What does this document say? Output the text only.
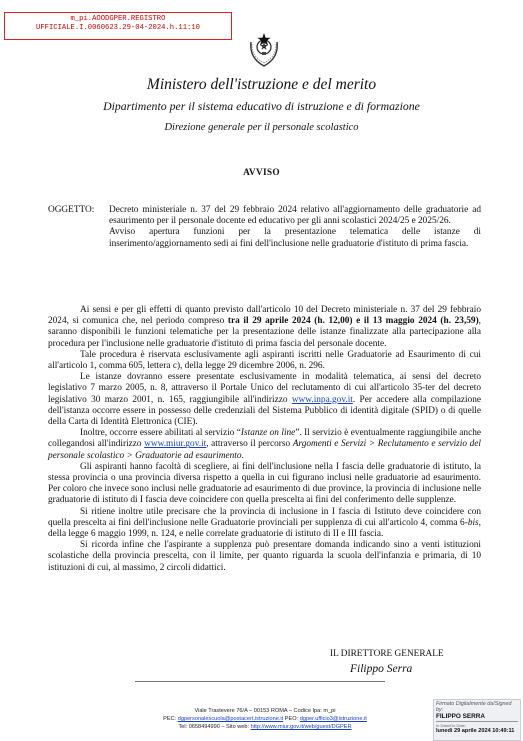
m_pi.AOODGPER.REGISTRO
UFFICIALE.I.0060623.29-04-2024.h.11:10
Ministero dell'istruzione e del merito
Dipartimento per il sistema educativo di istruzione e di formazione
Direzione generale per il personale scolastico
AVVISO
OGGETTO: Decreto ministeriale n. 37 del 29 febbraio 2024 relativo all'aggiornamento delle graduatorie ad esaurimento per il personale docente ed educativo per gli anni scolastici 2024/25 e 2025/26.
Avviso apertura funzioni per la presentazione telematica delle istanze di inserimento/aggiornamento sedi ai fini dell'inclusione nelle graduatorie d'istituto di prima fascia.

Ai sensi e per gli effetti di quanto previsto dall'articolo 10 del Decreto ministeriale n. 37 del 29 febbraio 2024, si comunica che, nel periodo compreso tra il 29 aprile 2024 (h. 12,00) e il 13 maggio 2024 (h. 23,59), saranno disponibili le funzioni telematiche per la presentazione delle istanze finalizzate alla partecipazione alla procedura per l'inclusione nelle graduatorie d'istituto di prima fascia del personale docente.

Tale procedura è riservata esclusivamente agli aspiranti iscritti nelle Graduatorie ad Esaurimento di cui all'articolo 1, comma 605, lettera c), della legge 29 dicembre 2006, n. 296.

Le istanze dovranno essere presentate esclusivamente in modalità telematica, ai sensi del decreto legislativo 7 marzo 2005, n. 8, attraverso il Portale Unico del reclutamento di cui all'articolo 35-ter del decreto legislativo 30 marzo 2001, n. 165, raggiungibile all'indirizzo www.inpa.gov.it. Per accedere alla compilazione dell'istanza occorre essere in possesso delle credenziali del Sistema Pubblico di identità digitale (SPID) o di quelle della Carta di Identità Elettronica (CIE).

Inoltre, occorre essere abilitati al servizio “Istanze on line”. Il servizio è eventualmente raggiungibile anche collegandosi all'indirizzo www.miur.gov.it, attraverso il percorso Argomenti e Servizi > Reclutamento e servizio del personale scolastico > Graduatorie ad esaurimento.

Gli aspiranti hanno facoltà di scegliere, ai fini dell'inclusione nella I fascia delle graduatorie di istituto, la stessa provincia o una provincia diversa rispetto a quella in cui figurano inclusi nelle graduatorie ad esaurimento. Per coloro che invece sono inclusi nelle graduatorie ad esaurimento di due province, la provincia di inclusione nelle graduatorie di istituto di I fascia deve coincidere con quella prescelta ai fini del conferimento delle supplenze.

Si ritiene inoltre utile precisare che la provincia di inclusione in I fascia di Istituto deve coincidere con quella prescelta ai fini dell'inclusione nelle Graduatorie provinciali per supplenza di cui all'articolo 4, comma 6-bis, della legge 6 maggio 1999, n. 124, e nelle correlate graduatorie di istituto di II e III fascia.

Si ricorda infine che l'aspirante a supplenza può presentare domanda indicando sino a venti istituzioni scolastiche della provincia prescelta, con il limite, per quanto riguarda la scuola dell'infanzia e primaria, di 10 istituzioni di cui, al massimo, 2 circoli didattici.

IL DIRETTORE GENERALE
Filippo Serra
Viale Trastevere 76/A – 00153 ROMA – Codice Ipa: m_pi
PEC: dgpersonalescuola@postacert.istruzione.it PEO: dgper.ufficio3@istruzione.it
Tel: 0658494990 – Sito web: http://www.miur.gov.it/web/guest/DGPER
Firmato Digitalmente da/Signed by:
FILIPPO SERRA
In Data/On Date:
lunedì 29 aprile 2024 10:49:11
